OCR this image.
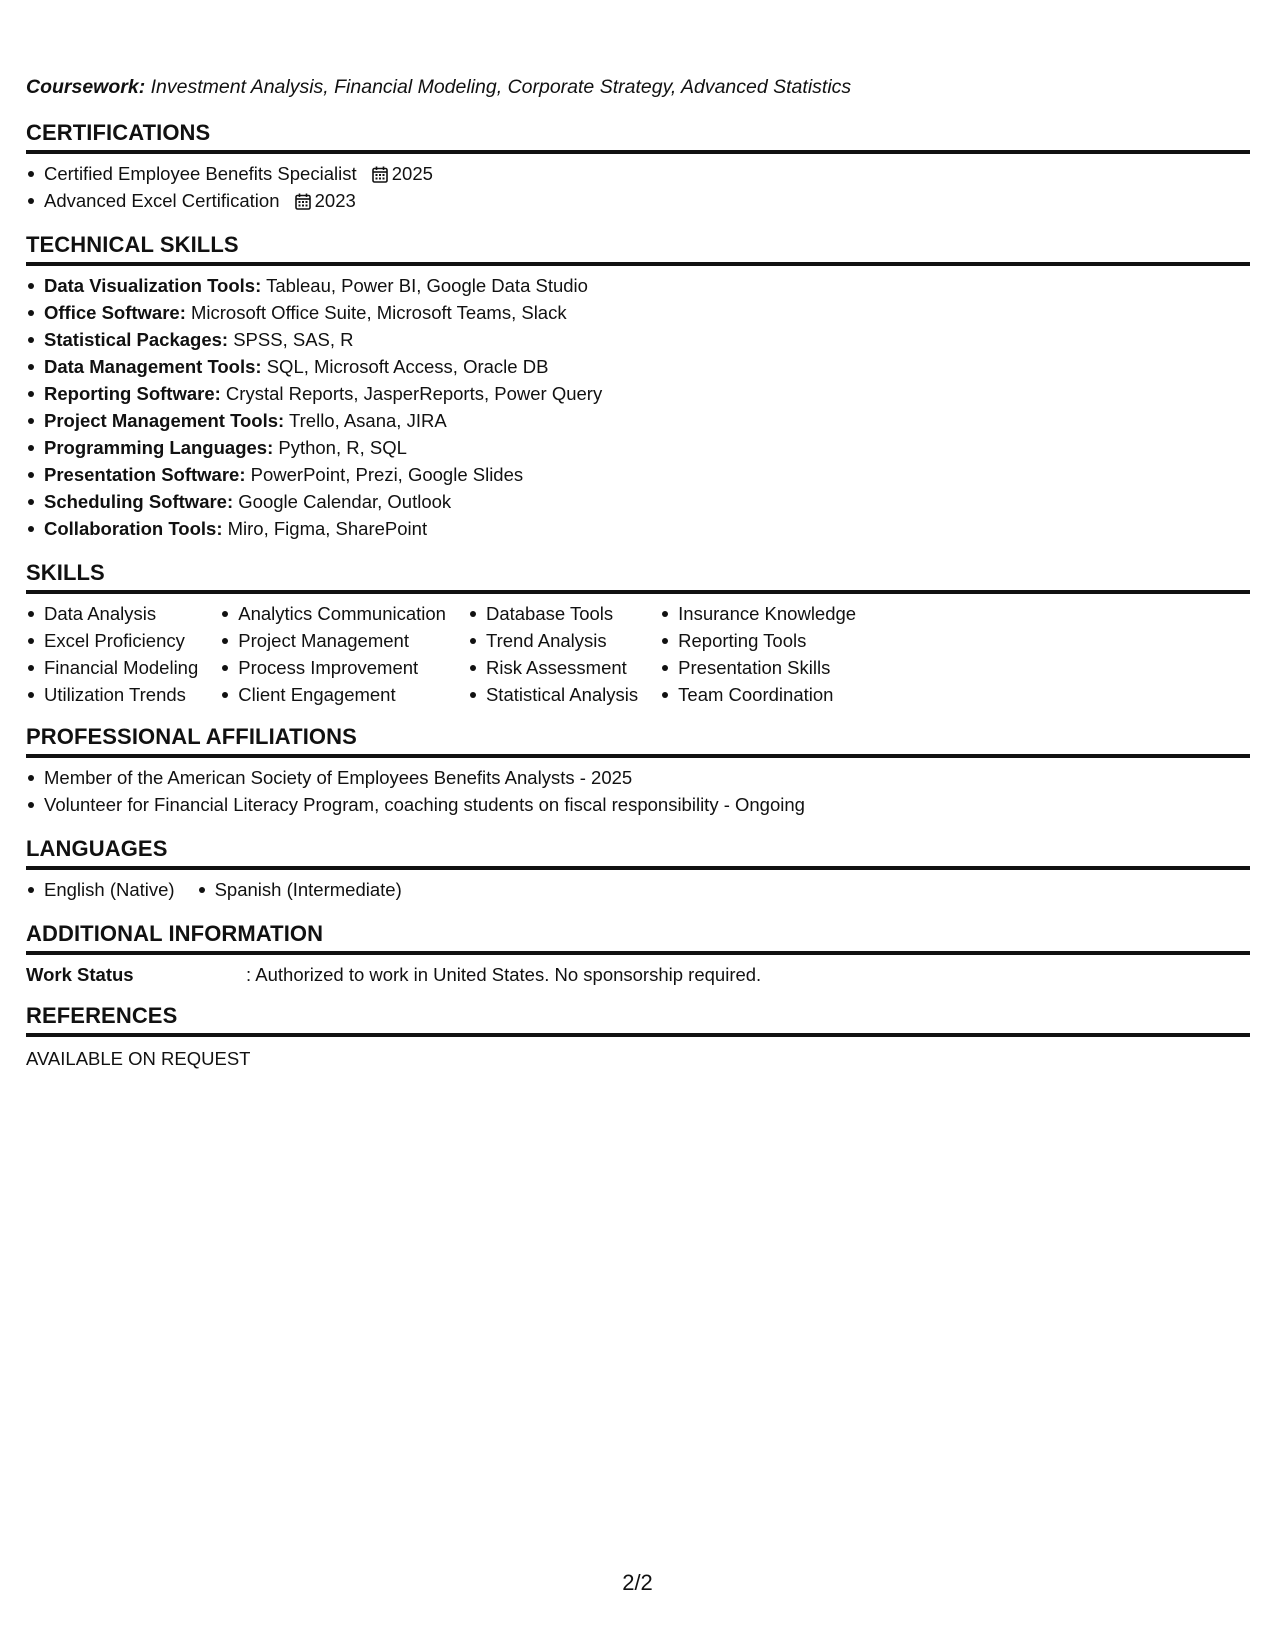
Coursework: Investment Analysis, Financial Modeling, Corporate Strategy, Advanced Statistics
CERTIFICATIONS
Certified Employee Benefits Specialist 2025
Advanced Excel Certification 2023
TECHNICAL SKILLS
Data Visualization Tools: Tableau, Power BI, Google Data Studio
Office Software: Microsoft Office Suite, Microsoft Teams, Slack
Statistical Packages: SPSS, SAS, R
Data Management Tools: SQL, Microsoft Access, Oracle DB
Reporting Software: Crystal Reports, JasperReports, Power Query
Project Management Tools: Trello, Asana, JIRA
Programming Languages: Python, R, SQL
Presentation Software: PowerPoint, Prezi, Google Slides
Scheduling Software: Google Calendar, Outlook
Collaboration Tools: Miro, Figma, SharePoint
SKILLS
Data Analysis
Excel Proficiency
Financial Modeling
Utilization Trends
Analytics Communication
Project Management
Process Improvement
Client Engagement
Database Tools
Trend Analysis
Risk Assessment
Statistical Analysis
Insurance Knowledge
Reporting Tools
Presentation Skills
Team Coordination
PROFESSIONAL AFFILIATIONS
Member of the American Society of Employees Benefits Analysts - 2025
Volunteer for Financial Literacy Program, coaching students on fiscal responsibility - Ongoing
LANGUAGES
English (Native)	Spanish (Intermediate)
ADDITIONAL INFORMATION
Work Status	: Authorized to work in United States. No sponsorship required.
REFERENCES
AVAILABLE ON REQUEST
2/2
